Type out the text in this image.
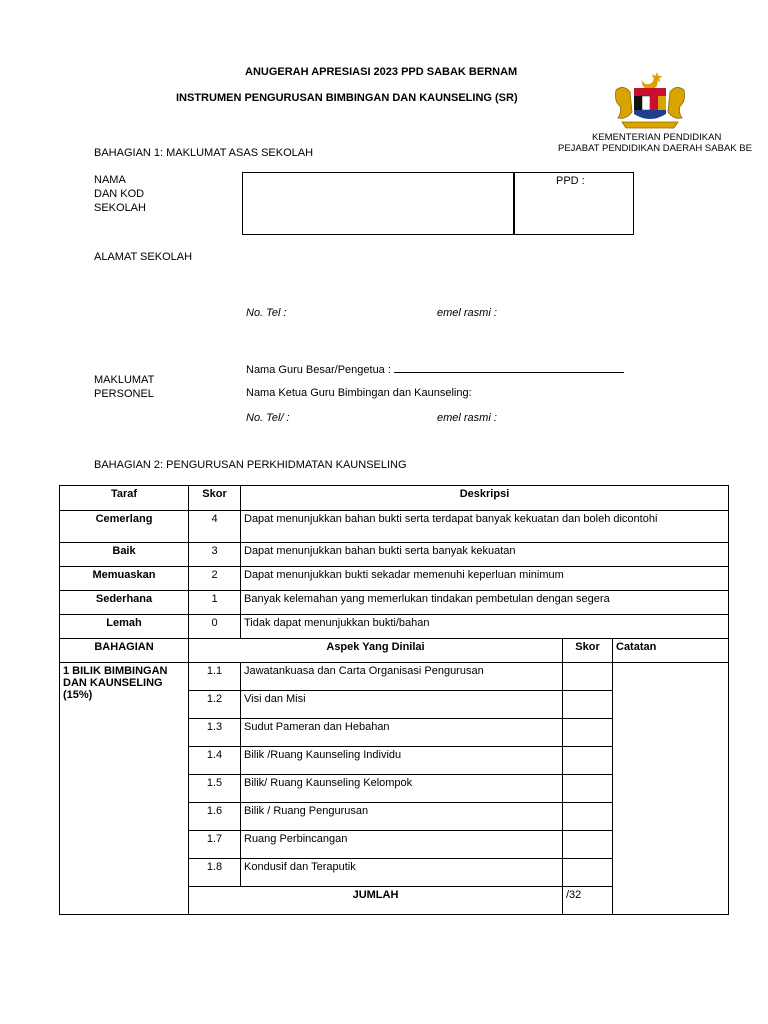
ANUGERAH APRESIASI 2023 PPD SABAK BERNAM
INSTRUMEN PENGURUSAN BIMBINGAN DAN KAUNSELING (SR)
KEMENTERIAN PENDIDIKAN
PEJABAT PENDIDIKAN DAERAH SABAK BE
BAHAGIAN 1: MAKLUMAT ASAS SEKOLAH
NAMA
DAN KOD
SEKOLAH
PPD :
ALAMAT SEKOLAH
No. Tel :	emel rasmi :
Nama Guru Besar/Pengetua :
MAKLUMAT
PERSONEL	Nama Ketua Guru Bimbingan dan Kaunseling:
No. Tel/ :	emel rasmi :
BAHAGIAN 2: PENGURUSAN PERKHIDMATAN KAUNSELING
Taraf	Skor	Deskripsi		
Cemerlang	4	Dapat menunjukkan bahan bukti serta terdapat banyak kekuatan dan boleh dicontohi		
Baik	3	Dapat menunjukkan bahan bukti serta banyak kekuatan		
Memuaskan	2	Dapat menunjukkan bukti sekadar memenuhi keperluan minimum		
Sederhana	1	Banyak kelemahan yang memerlukan tindakan pembetulan dengan segera		
Lemah	0	Tidak dapat menunjukkan bukti/bahan		
BAHAGIAN	Aspek Yang Dinilai		Skor	Catatan
1 BILIK BIMBINGAN DAN KAUNSELING (15%)	1.1	Jawatankuasa dan Carta Organisasi Pengurusan		
	1.2	Visi dan Misi		
	1.3	Sudut Pameran dan Hebahan		
	1.4	Bilik /Ruang Kaunseling Individu		
	1.5	Bilik/ Ruang Kaunseling Kelompok		
	1.6	Bilik / Ruang Pengurusan		
	1.7	Ruang Perbincangan		
	1.8	Kondusif dan Teraputik		
	JUMLAH		/32	
